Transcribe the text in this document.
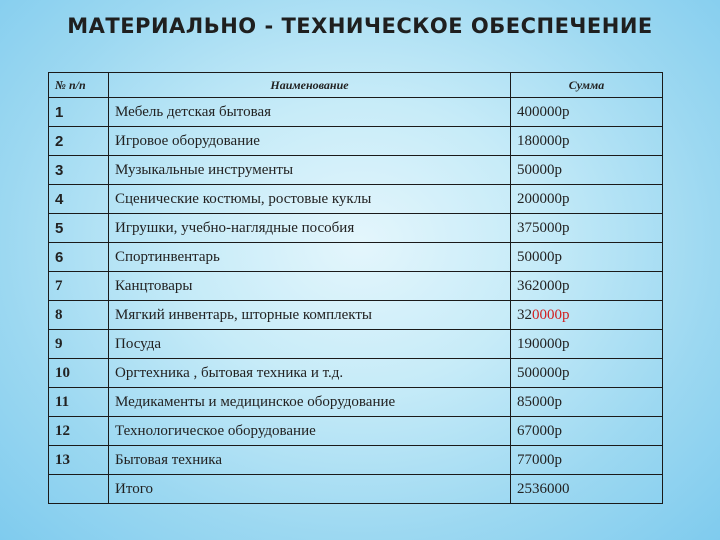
МАТЕРИАЛЬНО - ТЕХНИЧЕСКОЕ ОБЕСПЕЧЕНИЕ
№ п/п	Наименование	Сумма
1	Мебель детская бытовая	400000р
2	Игровое оборудование	180000р
3	Музыкальные инструменты	50000р
4	Сценические костюмы, ростовые куклы	200000р
5	Игрушки, учебно-наглядные пособия	375000р
6	Спортинвентарь	50000р
7	Канцтовары	362000р
8	Мягкий инвентарь, шторные комплекты	320000р
9	Посуда	190000р
10	Оргтехника , бытовая техника и т.д.	500000р
11	Медикаменты и медицинское оборудование	85000р
12	Технологическое оборудование	67000р
13	Бытовая техника	77000р
	Итого	2536000
